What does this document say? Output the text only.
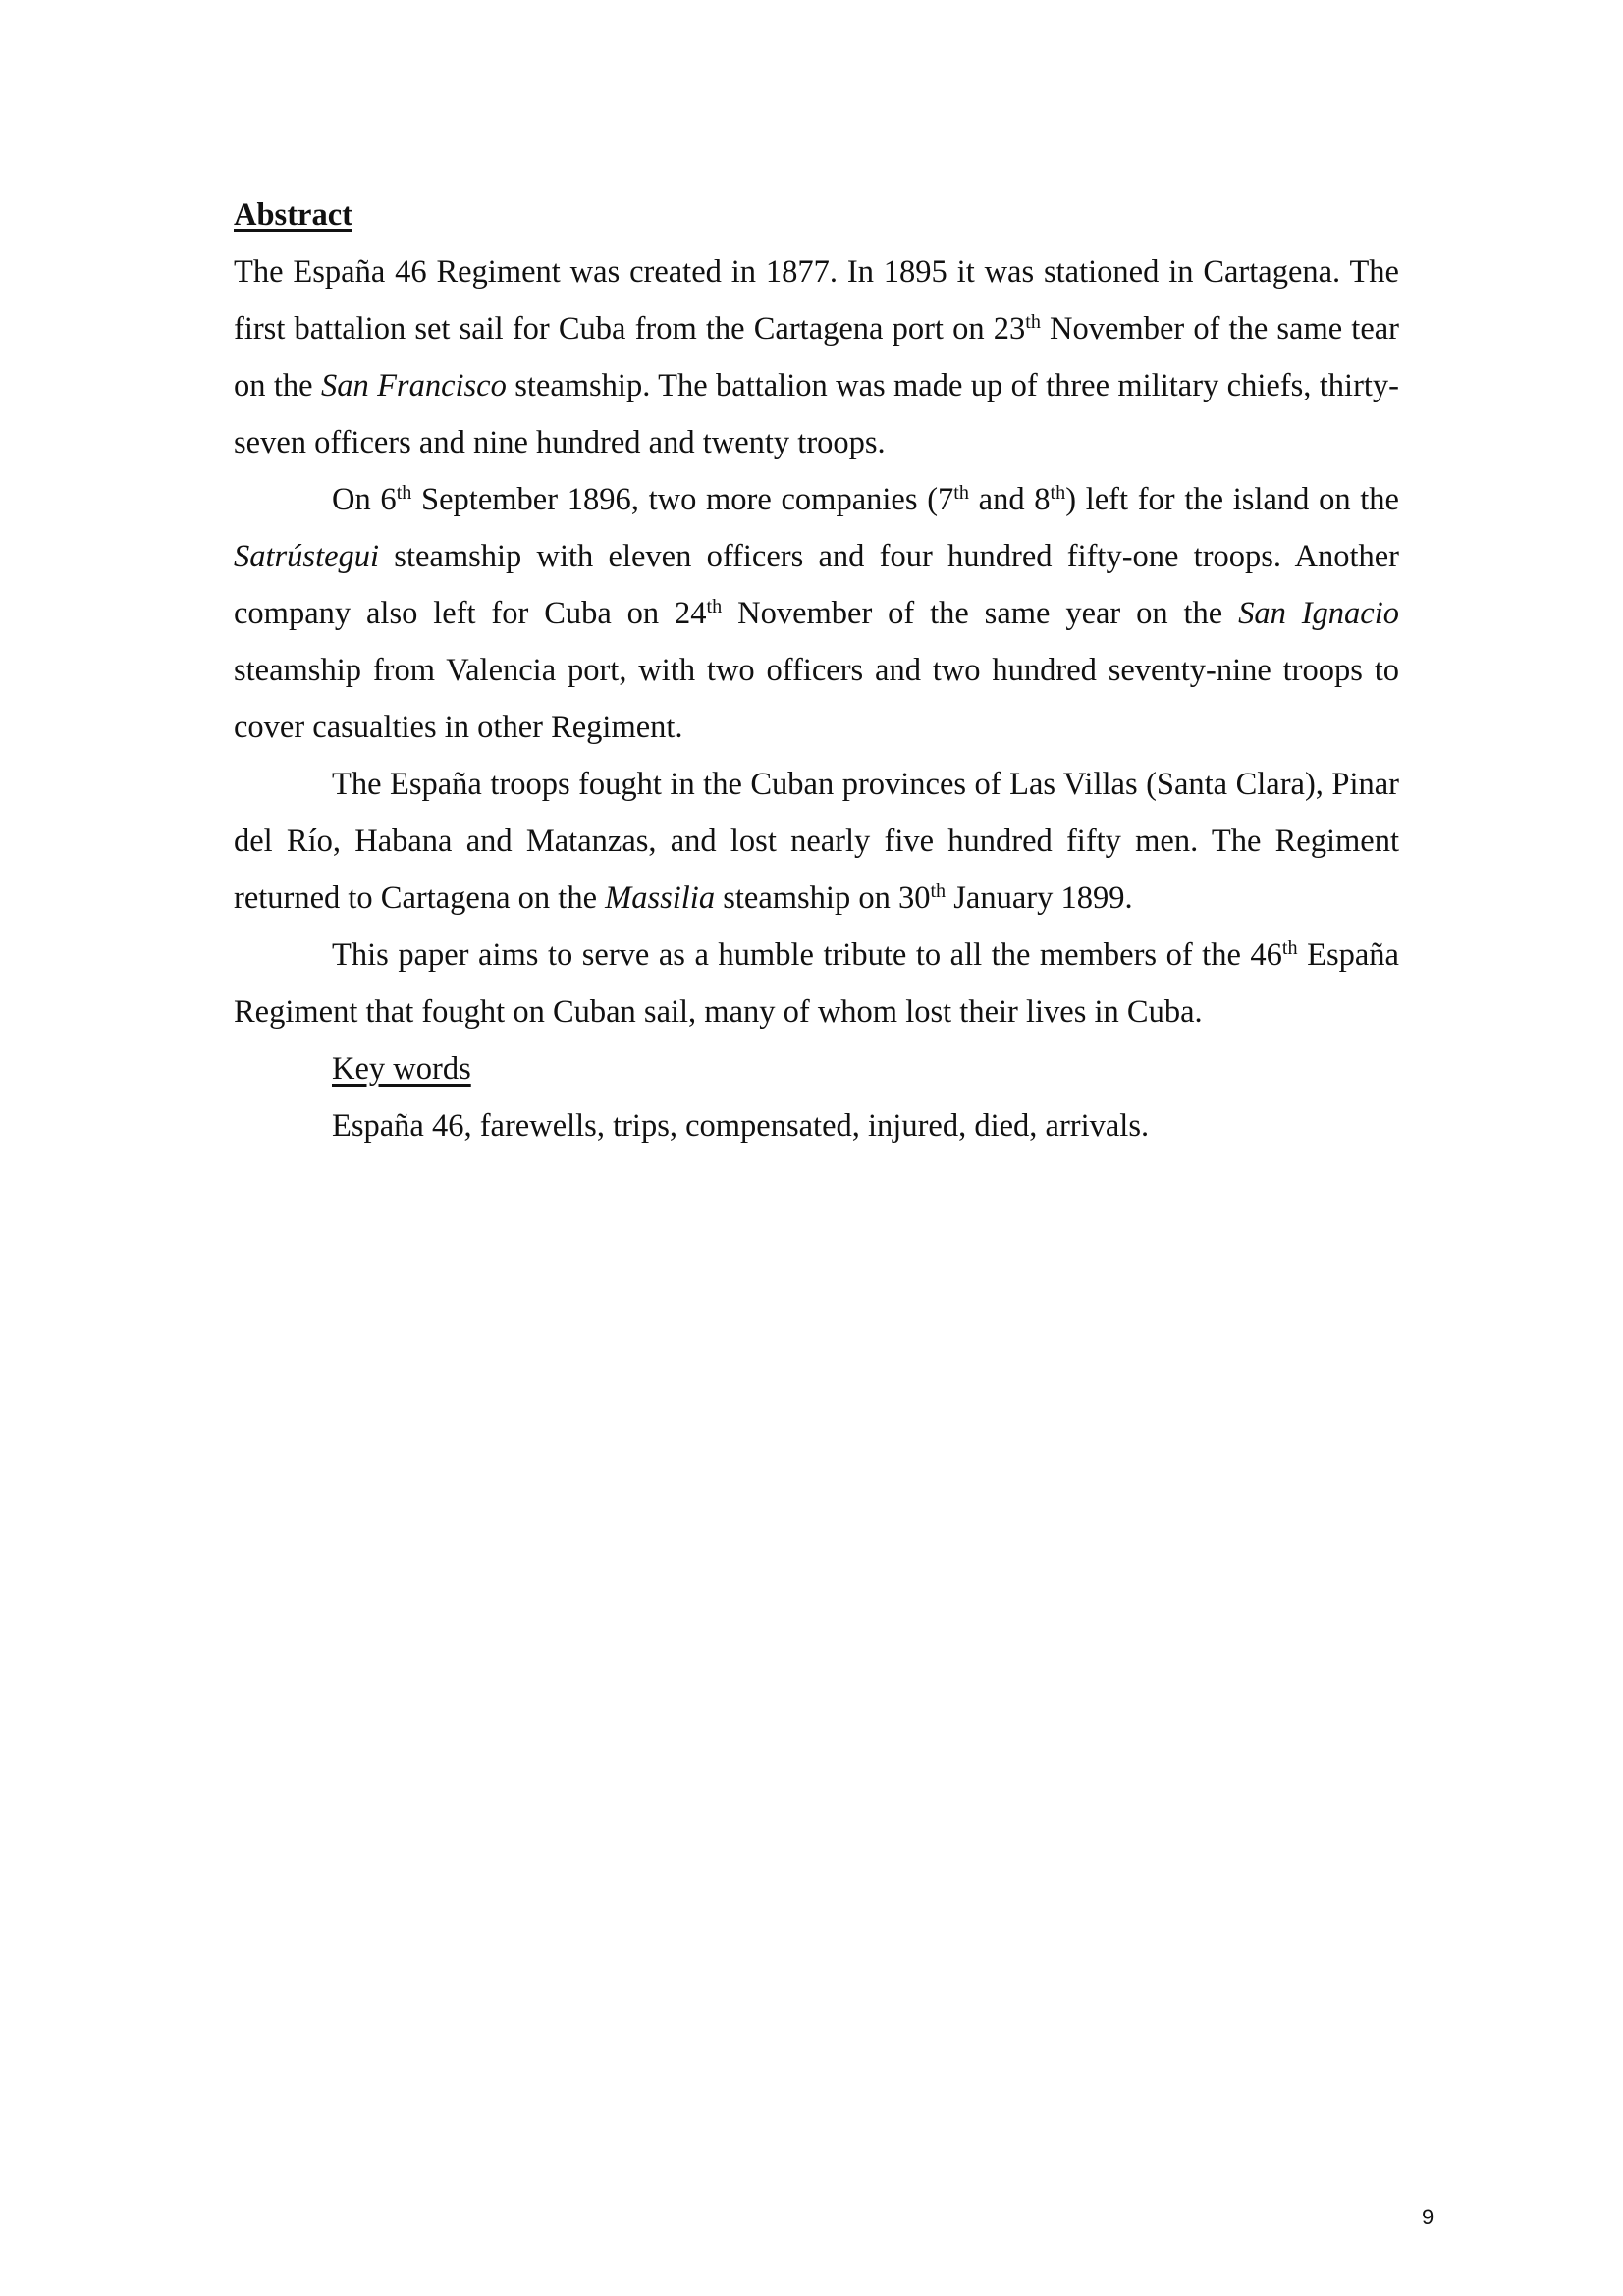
Abstract

The España 46 Regiment was created in 1877. In 1895 it was stationed in Cartagena. The first battalion set sail for Cuba from the Cartagena port on 23th November of the same tear on the San Francisco steamship. The battalion was made up of three military chiefs, thirty-seven officers and nine hundred and twenty troops.

On 6th September 1896, two more companies (7th and 8th) left for the island on the Satrústegui steamship with eleven officers and four hundred fifty-one troops. Another company also left for Cuba on 24th November of the same year on the San Ignacio steamship from Valencia port, with two officers and two hundred seventy-nine troops to cover casualties in other Regiment.

The España troops fought in the Cuban provinces of Las Villas (Santa Clara), Pinar del Río, Habana and Matanzas, and lost nearly five hundred fifty men. The Regiment returned to Cartagena on the Massilia steamship on 30th January 1899.

This paper aims to serve as a humble tribute to all the members of the 46th España Regiment that fought on Cuban sail, many of whom lost their lives in Cuba.

Key words

España 46, farewells, trips, compensated, injured, died, arrivals.

9
